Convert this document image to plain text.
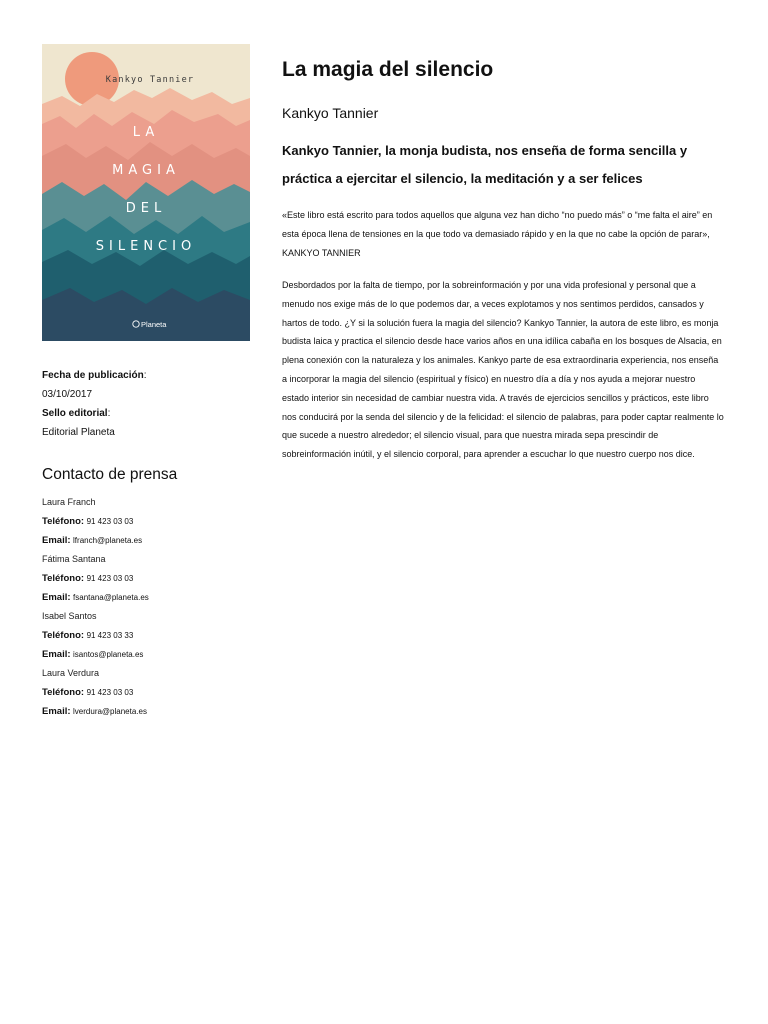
Kankyo Tannier
LA
MAGIA
DEL
SILENCIO
Planeta
Fecha de publicación:
03/10/2017
Sello editorial:
Editorial Planeta
Contacto de prensa
Laura Franch
Teléfono: 91 423 03 03
Email: lfranch@planeta.es
Fátima Santana
Teléfono: 91 423 03 03
Email: fsantana@planeta.es
Isabel Santos
Teléfono: 91 423 03 33
Email: isantos@planeta.es
Laura Verdura
Teléfono: 91 423 03 03
Email: lverdura@planeta.es
La magia del silencio
Kankyo Tannier
Kankyo Tannier, la monja budista, nos enseña de forma sencilla y práctica a ejercitar el silencio, la meditación y a ser felices

«Este libro está escrito para todos aquellos que alguna vez han dicho “no puedo más” o “me falta el aire” en esta época llena de tensiones en la que todo va demasiado rápido y en la que no cabe la opción de parar», KANKYO TANNIER

Desbordados por la falta de tiempo, por la sobreinformación y por una vida profesional y personal que a menudo nos exige más de lo que podemos dar, a veces explotamos y nos sentimos perdidos, cansados y hartos de todo. ¿Y si la solución fuera la magia del silencio? Kankyo Tannier, la autora de este libro, es monja budista laica y practica el silencio desde hace varios años en una idílica cabaña en los bosques de Alsacia, en plena conexión con la naturaleza y los animales. Kankyo parte de esa extraordinaria experiencia, nos enseña a incorporar la magia del silencio (espiritual y físico) en nuestro día a día y nos ayuda a mejorar nuestro estado interior sin necesidad de cambiar nuestra vida. A través de ejercicios sencillos y prácticos, este libro nos conducirá por la senda del silencio y de la felicidad: el silencio de palabras, para poder captar realmente lo que sucede a nuestro alrededor; el silencio visual, para que nuestra mirada sepa prescindir de sobreinformación inútil, y el silencio corporal, para aprender a escuchar lo que nuestro cuerpo nos dice.
